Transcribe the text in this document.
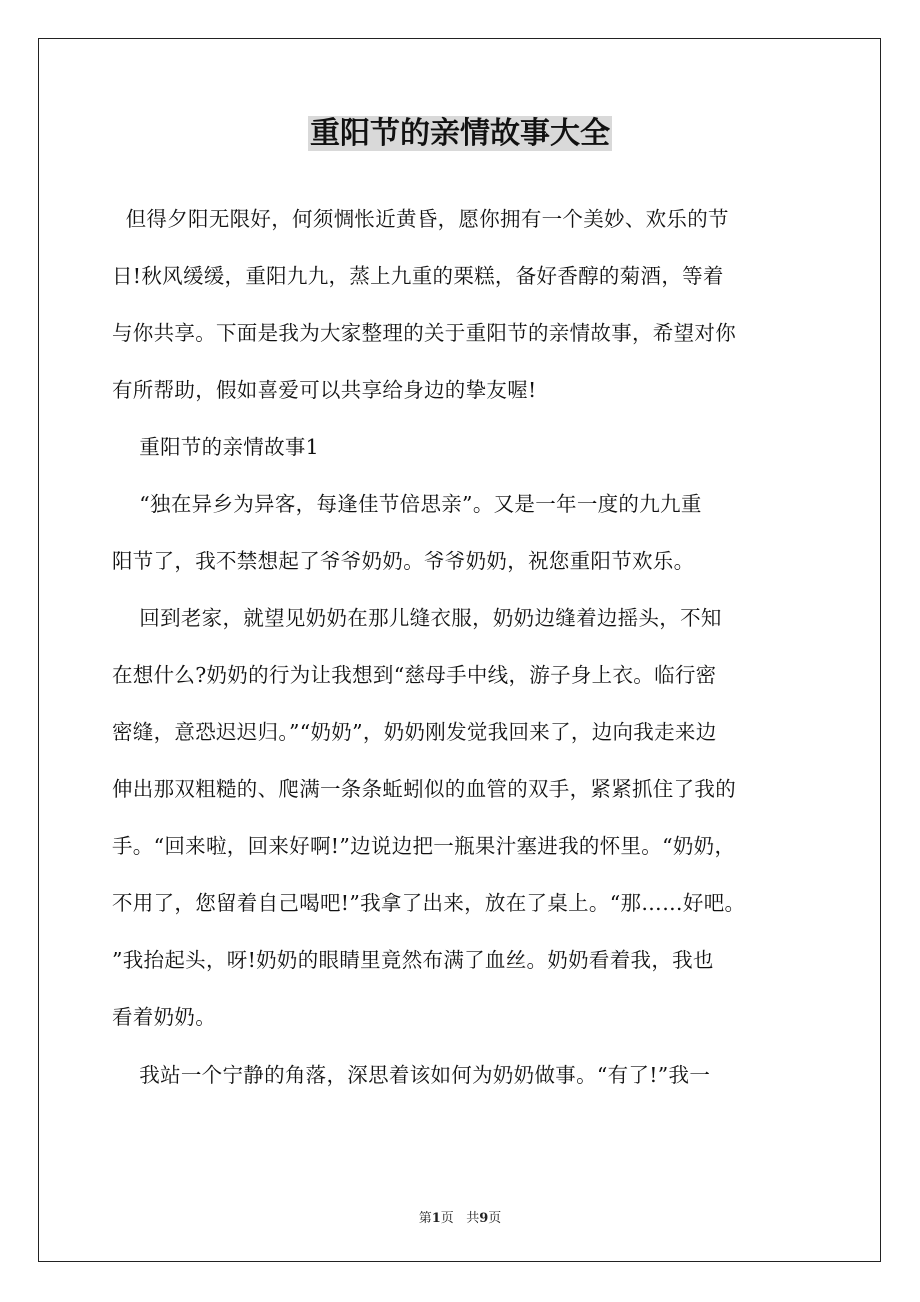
重阳节的亲情故事大全
但得夕阳无限好，何须惆怅近黄昏，愿你拥有一个美妙、欢乐的节
日!秋风缓缓，重阳九九，蒸上九重的栗糕，备好香醇的菊酒，等着
与你共享。下面是我为大家整理的关于重阳节的亲情故事，希望对你
有所帮助，假如喜爱可以共享给身边的挚友喔!
重阳节的亲情故事1
“独在异乡为异客，每逢佳节倍思亲”。又是一年一度的九九重
阳节了，我不禁想起了爷爷奶奶。爷爷奶奶，祝您重阳节欢乐。
回到老家，就望见奶奶在那儿缝衣服，奶奶边缝着边摇头，不知
在想什么?奶奶的行为让我想到“慈母手中线，游子身上衣。临行密
密缝，意恐迟迟归。”“奶奶”，奶奶刚发觉我回来了，边向我走来边
伸出那双粗糙的、爬满一条条蚯蚓似的血管的双手，紧紧抓住了我的
手。“回来啦，回来好啊!”边说边把一瓶果汁塞进我的怀里。“奶奶，
不用了，您留着自己喝吧!”我拿了出来，放在了桌上。“那……好吧。
”我抬起头，呀!奶奶的眼睛里竟然布满了血丝。奶奶看着我，我也
看着奶奶。
我站一个宁静的角落，深思着该如何为奶奶做事。“有了!”我一
第1页   共9页
